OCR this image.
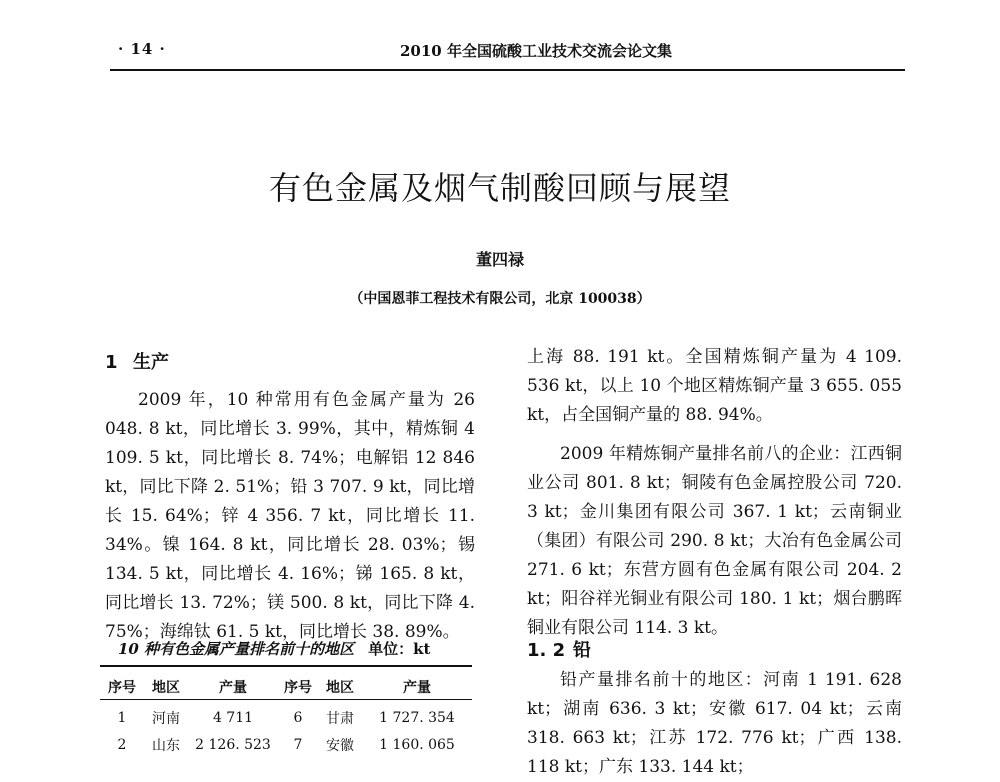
· 14 ·	2010 年全国硫酸工业技术交流会论文集
有色金属及烟气制酸回顾与展望
董四禄
（中国恩菲工程技术有限公司，北京 100038）
1 生产

2009 年，10 种常用有色金属产量为 26 048. 8 kt，同比增长 3. 99%，其中，精炼铜 4 109. 5 kt，同比增长 8. 74%；电解铝 12 846 kt，同比下降 2. 51%；铅 3 707. 9 kt，同比增长 15. 64%；锌 4 356. 7 kt，同比增长 11. 34%。镍 164. 8 kt，同比增长 28. 03%；锡 134. 5 kt，同比增长 4. 16%；锑 165. 8 kt，同比增长 13. 72%；镁 500. 8 kt，同比下降 4. 75%；海绵钛 61. 5 kt，同比增长 38. 89%。

10 种有色金属产量排名前十的地区 单位：kt
序号	地区	产量	序号	地区	产量
1	河南	4 711	6	甘肃	1 727. 354
2	山东	2 126. 523	7	安徽	1 160. 065

上海 88. 191 kt。全国精炼铜产量为 4 109. 536 kt，以上 10 个地区精炼铜产量 3 655. 055 kt，占全国铜产量的 88. 94%。

2009 年精炼铜产量排名前八的企业：江西铜业公司 801. 8 kt；铜陵有色金属控股公司 720. 3 kt；金川集团有限公司 367. 1 kt；云南铜业（集团）有限公司 290. 8 kt；大冶有色金属公司 271. 6 kt；东营方圆有色金属有限公司 204. 2 kt；阳谷祥光铜业有限公司 180. 1 kt；烟台鹏晖铜业有限公司 114. 3 kt。

1. 2 铅

铅产量排名前十的地区：河南 1 191. 628 kt；湖南 636. 3 kt；安徽 617. 04 kt；云南 318. 663 kt；江苏 172. 776 kt；广西 138. 118 kt；广东 133. 144 kt；
